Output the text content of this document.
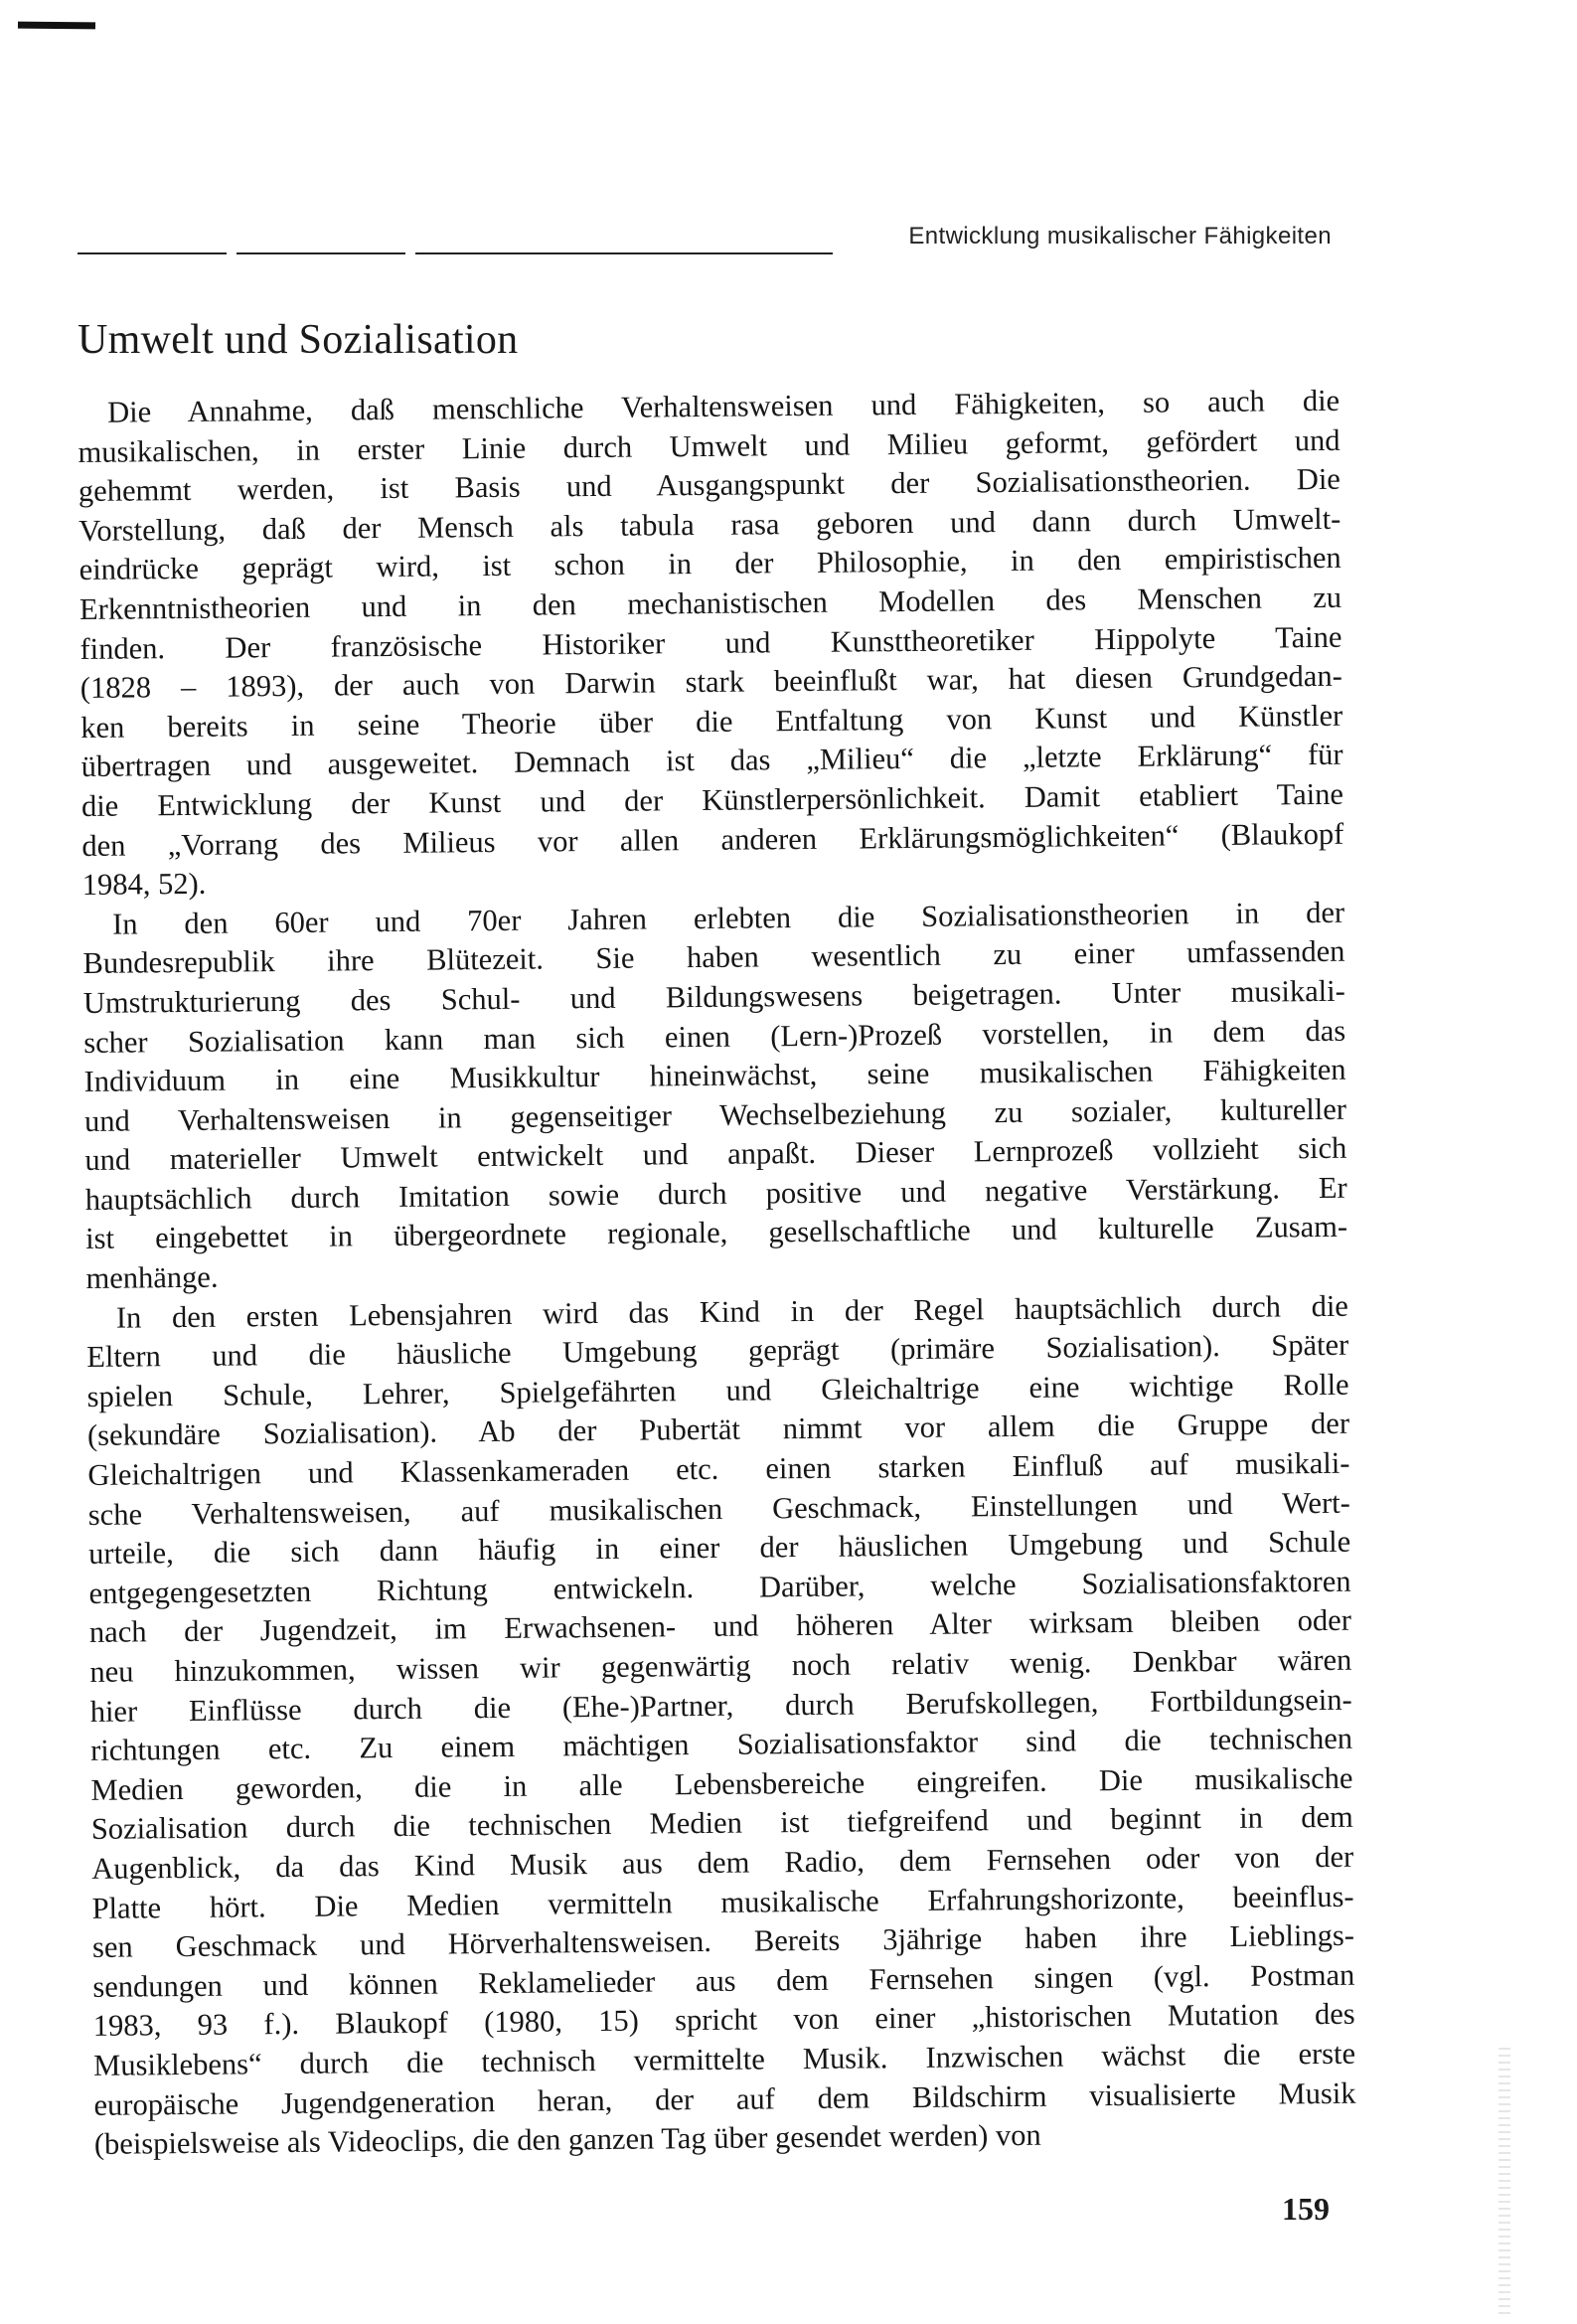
Entwicklung musikalischer Fähigkeiten
Umwelt und Sozialisation
Die Annahme, daß menschliche Verhaltensweisen und Fähigkeiten, so auch die
musikalischen, in erster Linie durch Umwelt und Milieu geformt, gefördert und
gehemmt werden, ist Basis und Ausgangspunkt der Sozialisationstheorien. Die
Vorstellung, daß der Mensch als tabula rasa geboren und dann durch Umwelt-
eindrücke geprägt wird, ist schon in der Philosophie, in den empiristischen
Erkenntnistheorien und in den mechanistischen Modellen des Menschen zu
finden. Der französische Historiker und Kunsttheoretiker Hippolyte Taine
(1828 – 1893), der auch von Darwin stark beeinflußt war, hat diesen Grundgedan-
ken bereits in seine Theorie über die Entfaltung von Kunst und Künstler
übertragen und ausgeweitet. Demnach ist das „Milieu“ die „letzte Erklärung“ für
die Entwicklung der Kunst und der Künstlerpersönlichkeit. Damit etabliert Taine
den „Vorrang des Milieus vor allen anderen Erklärungsmöglichkeiten“ (Blaukopf
1984, 52).
In den 60er und 70er Jahren erlebten die Sozialisationstheorien in der
Bundesrepublik ihre Blütezeit. Sie haben wesentlich zu einer umfassenden
Umstrukturierung des Schul- und Bildungswesens beigetragen. Unter musikali-
scher Sozialisation kann man sich einen (Lern-)Prozeß vorstellen, in dem das
Individuum in eine Musikkultur hineinwächst, seine musikalischen Fähigkeiten
und Verhaltensweisen in gegenseitiger Wechselbeziehung zu sozialer, kultureller
und materieller Umwelt entwickelt und anpaßt. Dieser Lernprozeß vollzieht sich
hauptsächlich durch Imitation sowie durch positive und negative Verstärkung. Er
ist eingebettet in übergeordnete regionale, gesellschaftliche und kulturelle Zusam-
menhänge.
In den ersten Lebensjahren wird das Kind in der Regel hauptsächlich durch die
Eltern und die häusliche Umgebung geprägt (primäre Sozialisation). Später
spielen Schule, Lehrer, Spielgefährten und Gleichaltrige eine wichtige Rolle
(sekundäre Sozialisation). Ab der Pubertät nimmt vor allem die Gruppe der
Gleichaltrigen und Klassenkameraden etc. einen starken Einfluß auf musikali-
sche Verhaltensweisen, auf musikalischen Geschmack, Einstellungen und Wert-
urteile, die sich dann häufig in einer der häuslichen Umgebung und Schule
entgegengesetzten Richtung entwickeln. Darüber, welche Sozialisationsfaktoren
nach der Jugendzeit, im Erwachsenen- und höheren Alter wirksam bleiben oder
neu hinzukommen, wissen wir gegenwärtig noch relativ wenig. Denkbar wären
hier Einflüsse durch die (Ehe-)Partner, durch Berufskollegen, Fortbildungsein-
richtungen etc. Zu einem mächtigen Sozialisationsfaktor sind die technischen
Medien geworden, die in alle Lebensbereiche eingreifen. Die musikalische
Sozialisation durch die technischen Medien ist tiefgreifend und beginnt in dem
Augenblick, da das Kind Musik aus dem Radio, dem Fernsehen oder von der
Platte hört. Die Medien vermitteln musikalische Erfahrungshorizonte, beeinflus-
sen Geschmack und Hörverhaltensweisen. Bereits 3jährige haben ihre Lieblings-
sendungen und können Reklamelieder aus dem Fernsehen singen (vgl. Postman
1983, 93 f.). Blaukopf (1980, 15) spricht von einer „historischen Mutation des
Musiklebens“ durch die technisch vermittelte Musik. Inzwischen wächst die erste
europäische Jugendgeneration heran, der auf dem Bildschirm visualisierte Musik
(beispielsweise als Videoclips, die den ganzen Tag über gesendet werden) von
159
